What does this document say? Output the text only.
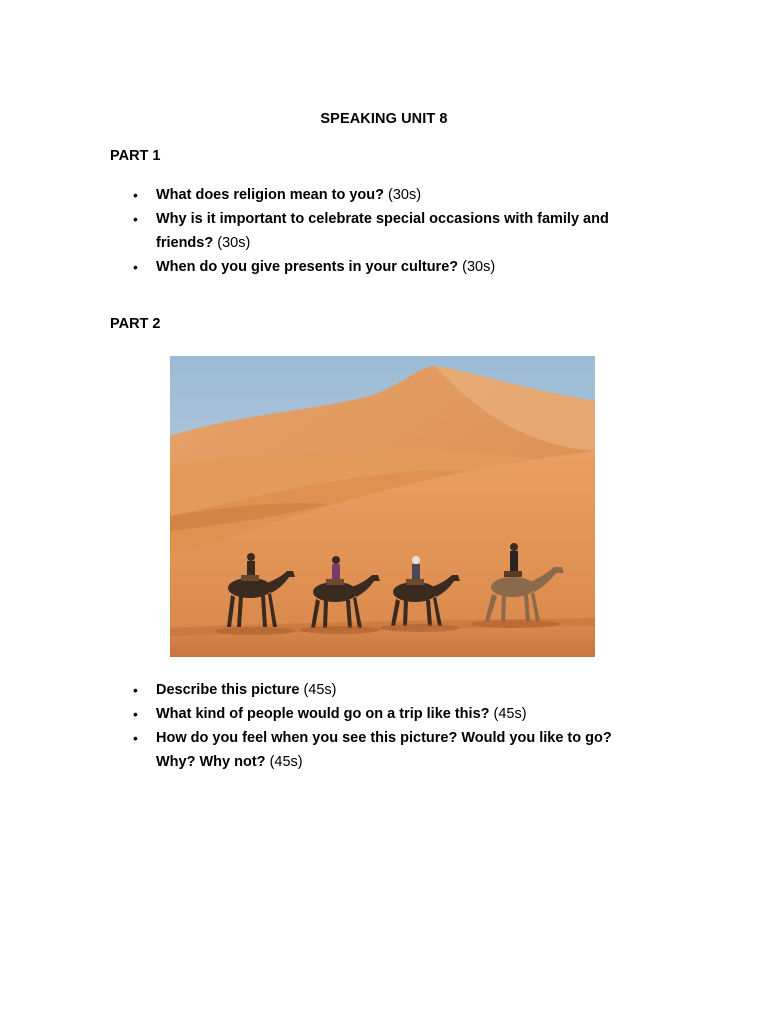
SPEAKING UNIT 8
PART 1
• What does religion mean to you? (30s)
• Why is it important to celebrate special occasions with family and friends? (30s)
• When do you give presents in your culture? (30s)
PART 2
• Describe this picture (45s)
• What kind of people would go on a trip like this? (45s)
• How do you feel when you see this picture? Would you like to go? Why? Why not? (45s)
